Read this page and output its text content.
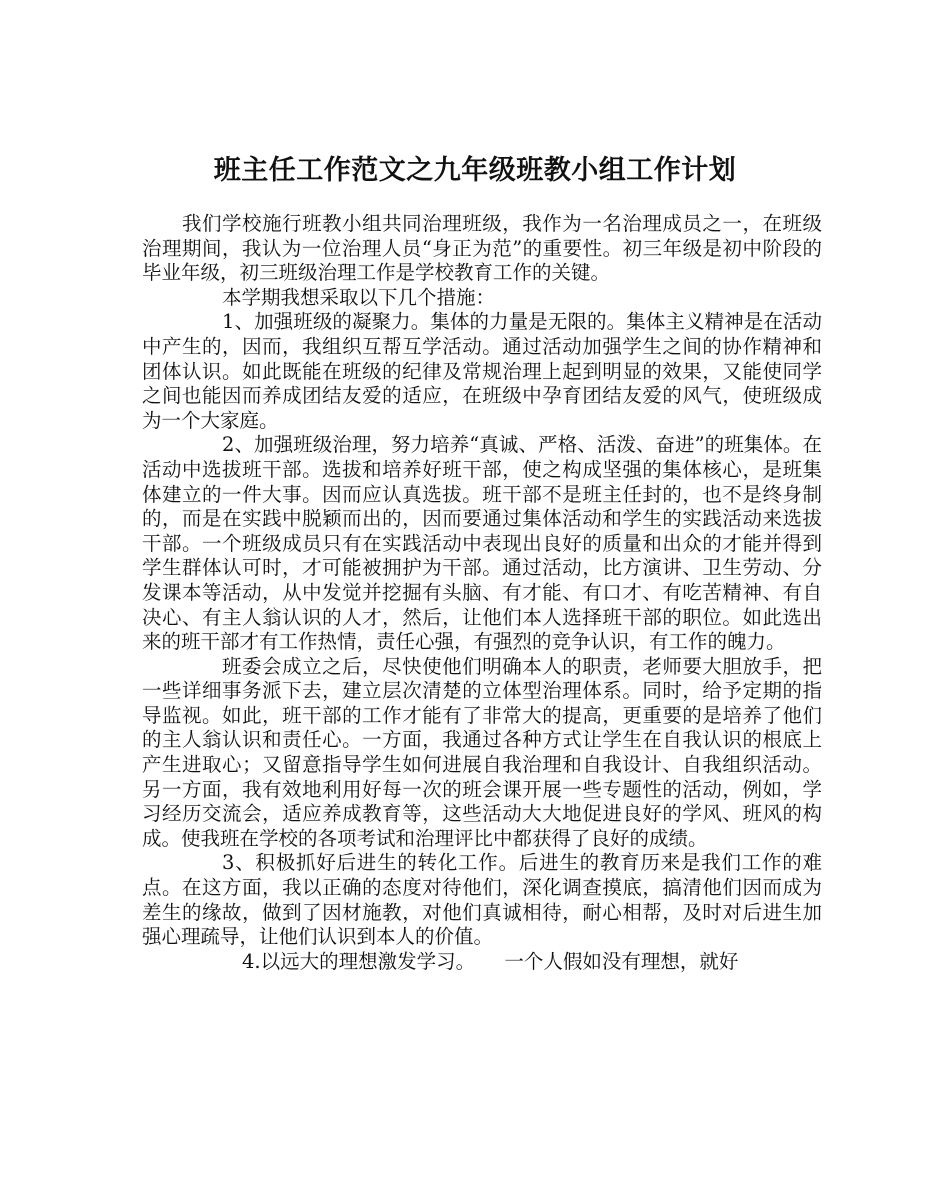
班主任工作范文之九年级班教小组工作计划

我们学校施行班教小组共同治理班级，我作为一名治理成员之一，在班级治理期间，我认为一位治理人员“身正为范”的重要性。初三年级是初中阶段的毕业年级，初三班级治理工作是学校教育工作的关键。

本学期我想采取以下几个措施：

1、加强班级的凝聚力。集体的力量是无限的。集体主义精神是在活动中产生的，因而，我组织互帮互学活动。通过活动加强学生之间的协作精神和团体认识。如此既能在班级的纪律及常规治理上起到明显的效果，又能使同学之间也能因而养成团结友爱的适应，在班级中孕育团结友爱的风气，使班级成为一个大家庭。

2、加强班级治理，努力培养“真诚、严格、活泼、奋进”的班集体。在活动中选拔班干部。选拔和培养好班干部，使之构成坚强的集体核心，是班集体建立的一件大事。因而应认真选拔。班干部不是班主任封的，也不是终身制的，而是在实践中脱颖而出的，因而要通过集体活动和学生的实践活动来选拔干部。一个班级成员只有在实践活动中表现出良好的质量和出众的才能并得到学生群体认可时，才可能被拥护为干部。通过活动，比方演讲、卫生劳动、分发课本等活动，从中发觉并挖掘有头脑、有才能、有口才、有吃苦精神、有自决心、有主人翁认识的人才，然后，让他们本人选择班干部的职位。如此选出来的班干部才有工作热情，责任心强，有强烈的竞争认识，有工作的魄力。

班委会成立之后，尽快使他们明确本人的职责，老师要大胆放手，把一些详细事务派下去，建立层次清楚的立体型治理体系。同时，给予定期的指导监视。如此，班干部的工作才能有了非常大的提高，更重要的是培养了他们的主人翁认识和责任心。一方面，我通过各种方式让学生在自我认识的根底上产生进取心；又留意指导学生如何进展自我治理和自我设计、自我组织活动。另一方面，我有效地利用好每一次的班会课开展一些专题性的活动，例如，学习经历交流会，适应养成教育等，这些活动大大地促进良好的学风、班风的构成。使我班在学校的各项考试和治理评比中都获得了良好的成绩。

3、积极抓好后进生的转化工作。后进生的教育历来是我们工作的难点。在这方面，我以正确的态度对待他们，深化调查摸底，搞清他们因而成为差生的缘故，做到了因材施教，对他们真诚相待，耐心相帮，及时对后进生加强心理疏导，让他们认识到本人的价值。

4.以远大的理想激发学习。　　一个人假如没有理想，就好
